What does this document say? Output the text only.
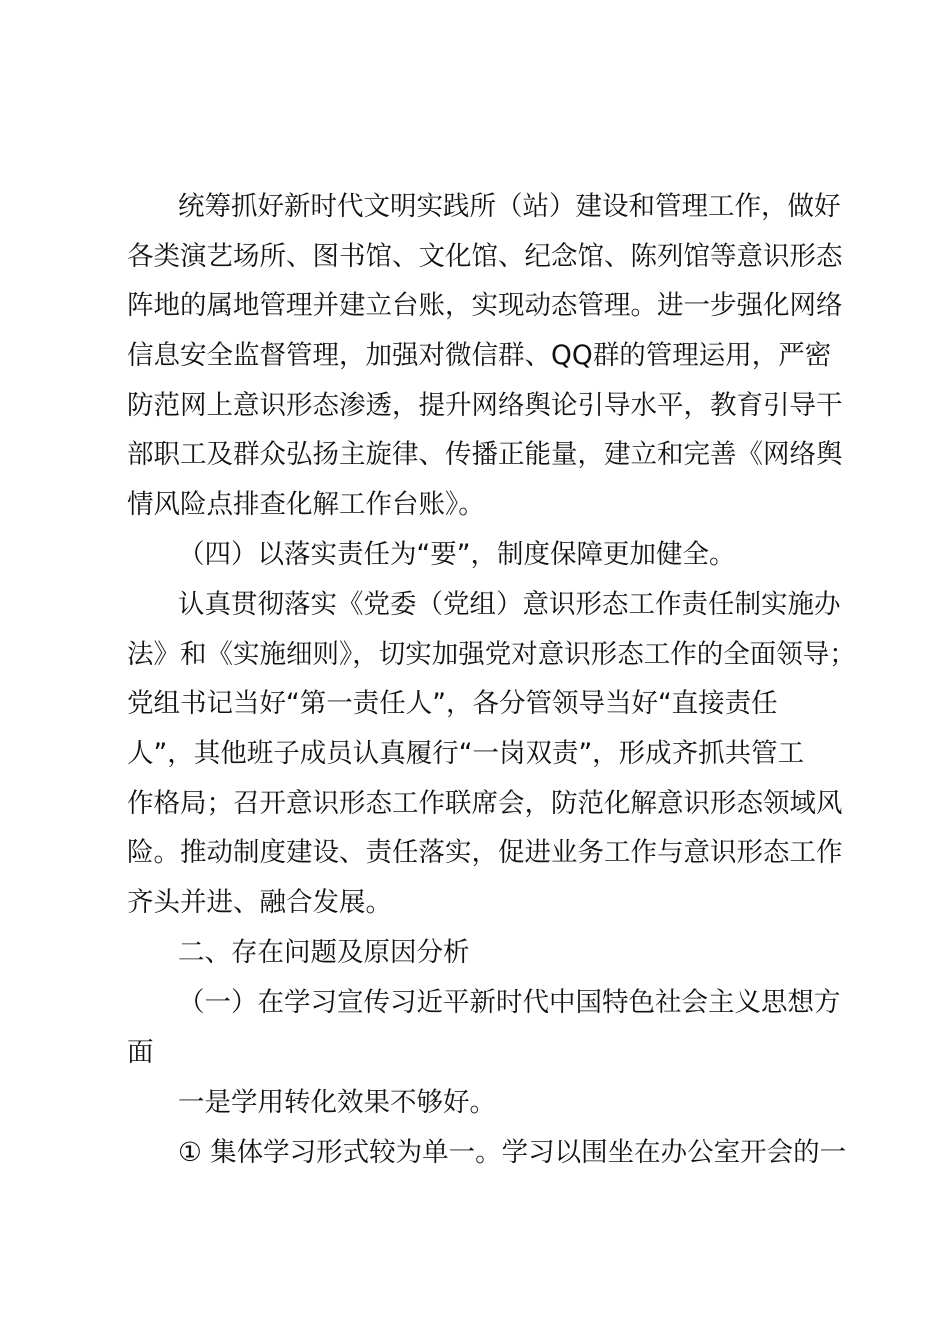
统筹抓好新时代文明实践所（站）建设和管理工作，做好
各类演艺场所、图书馆、文化馆、纪念馆、陈列馆等意识形态
阵地的属地管理并建立台账，实现动态管理。进一步强化网络
信息安全监督管理，加强对微信群、QQ群的管理运用，严密
防范网上意识形态渗透，提升网络舆论引导水平，教育引导干
部职工及群众弘扬主旋律、传播正能量，建立和完善《网络舆
情风险点排查化解工作台账》。
（四）以落实责任为“要”，制度保障更加健全。
认真贯彻落实《党委（党组）意识形态工作责任制实施办
法》和《实施细则》，切实加强党对意识形态工作的全面领导；
党组书记当好“第一责任人”，各分管领导当好“直接责任
人”，其他班子成员认真履行“一岗双责”，形成齐抓共管工
作格局；召开意识形态工作联席会，防范化解意识形态领域风
险。推动制度建设、责任落实，促进业务工作与意识形态工作
齐头并进、融合发展。
二、存在问题及原因分析
（一）在学习宣传习近平新时代中国特色社会主义思想方
面
一是学用转化效果不够好。
① 集体学习形式较为单一。学习以围坐在办公室开会的一
